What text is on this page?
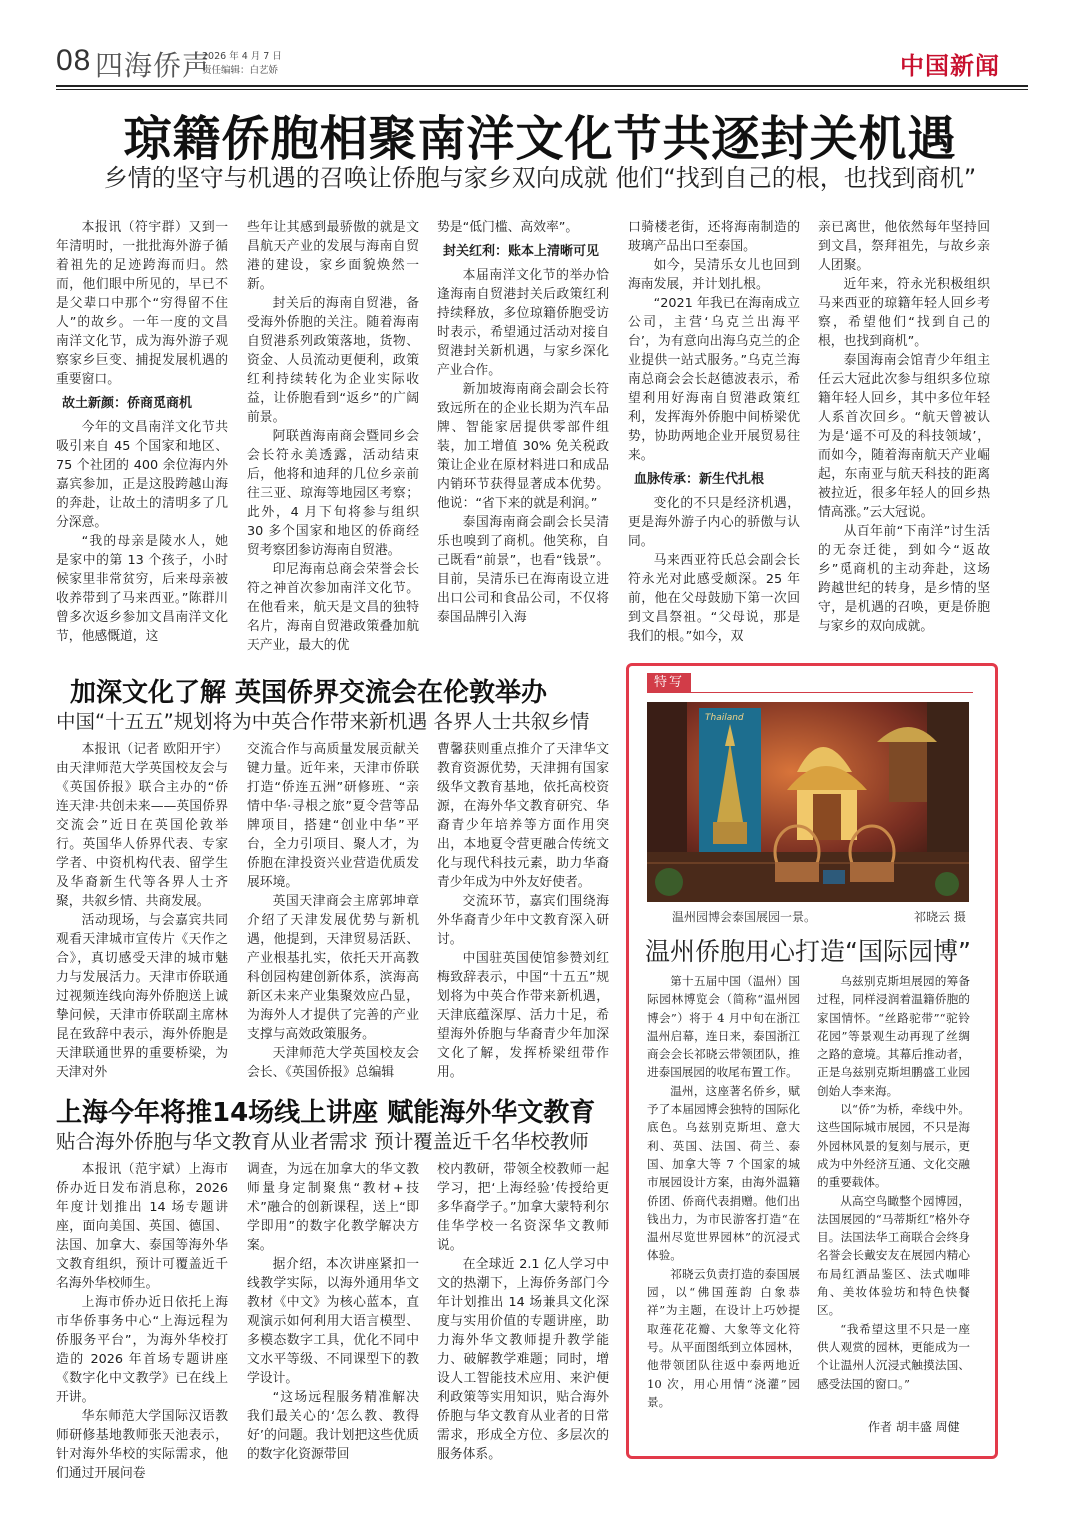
08 四海侨声
2026 年 4 月 7 日
责任编辑：白艺娇	中国新闻
琼籍侨胞相聚南洋文化节共逐封关机遇
乡情的坚守与机遇的召唤让侨胞与家乡双向成就 他们“找到自己的根，也找到商机”

本报讯（符宇群）又到一年清明时，一批批海外游子循着祖先的足迹跨海而归。然而，他们眼中所见的，早已不是父辈口中那个“穷得留不住人”的故乡。一年一度的文昌南洋文化节，成为海外游子观察家乡巨变、捕捉发展机遇的重要窗口。

故土新颜：侨商觅商机

今年的文昌南洋文化节共吸引来自 45 个国家和地区、75 个社团的 400 余位海内外嘉宾参加，正是这股跨越山海的奔赴，让故土的清明多了几分深意。

“我的母亲是陵水人，她是家中的第 13 个孩子，小时候家里非常贫穷，后来母亲被收养带到了马来西亚。”陈群川曾多次返乡参加文昌南洋文化节，他感慨道，这

些年让其感到最骄傲的就是文昌航天产业的发展与海南自贸港的建设，家乡面貌焕然一新。

封关后的海南自贸港，备受海外侨胞的关注。随着海南自贸港系列政策落地，货物、资金、人员流动更便利，政策红利持续转化为企业实际收益，让侨胞看到“返乡”的广阔前景。

阿联酋海南商会暨同乡会会长符永美透露，活动结束后，他将和迪拜的几位乡亲前往三亚、琼海等地园区考察；此外，4 月下旬将参与组织 30 多个国家和地区的侨商经贸考察团参访海南自贸港。

印尼海南总商会荣誉会长符之神首次参加南洋文化节。在他看来，航天是文昌的独特名片，海南自贸港政策叠加航天产业，最大的优

势是“低门槛、高效率”。

封关红利：账本上清晰可见

本届南洋文化节的举办恰逢海南自贸港封关后政策红利持续释放，多位琼籍侨胞受访时表示，希望通过活动对接自贸港封关新机遇，与家乡深化产业合作。

新加坡海南商会副会长符致远所在的企业长期为汽车品牌、智能家居提供零部件组装，加工增值 30% 免关税政策让企业在原材料进口和成品内销环节获得显著成本优势。他说：“省下来的就是利润。”

泰国海南商会副会长吴清乐也嗅到了商机。他笑称，自己既看“前景”，也看“钱景”。目前，吴清乐已在海南设立进出口公司和食品公司，不仅将泰国品牌引入海

口骑楼老街，还将海南制造的玻璃产品出口至泰国。

如今，吴清乐女儿也回到海南发展，并计划扎根。

“2021 年我已在海南成立公司，主营‘乌克兰出海平台’，为有意向出海乌克兰的企业提供一站式服务。”乌克兰海南总商会会长赵德波表示，希望利用好海南自贸港政策红利，发挥海外侨胞中间桥梁优势，协助两地企业开展贸易往来。

血脉传承：新生代扎根

变化的不只是经济机遇，更是海外游子内心的骄傲与认同。

马来西亚符氏总会副会长符永光对此感受颇深。25 年前，他在父母鼓励下第一次回到文昌祭祖。“父母说，那是我们的根。”如今，双

亲已离世，他依然每年坚持回到文昌，祭拜祖先，与故乡亲人团聚。

近年来，符永光积极组织马来西亚的琼籍年轻人回乡考察，希望他们“找到自己的根，也找到商机”。

泰国海南会馆青少年组主任云大冠此次参与组织多位琼籍年轻人回乡，其中多位年轻人系首次回乡。“航天曾被认为是‘遥不可及的科技领域’，而如今，随着海南航天产业崛起，东南亚与航天科技的距离被拉近，很多年轻人的回乡热情高涨。”云大冠说。

从百年前“下南洋”讨生活的无奈迁徙，到如今“返故乡”觅商机的主动奔赴，这场跨越世纪的转身，是乡情的坚守，是机遇的召唤，更是侨胞与家乡的双向成就。

加深文化了解 英国侨界交流会在伦敦举办
中国“十五五”规划将为中英合作带来新机遇 各界人士共叙乡情

本报讯（记者 欧阳开宇）由天津师范大学英国校友会与《英国侨报》联合主办的“侨连天津·共创未来——英国侨界交流会”近日在英国伦敦举行。英国华人侨界代表、专家学者、中资机构代表、留学生及华裔新生代等各界人士齐聚，共叙乡情、共商发展。

活动现场，与会嘉宾共同观看天津城市宣传片《天作之合》，真切感受天津的城市魅力与发展活力。天津市侨联通过视频连线向海外侨胞送上诚挚问候，天津市侨联副主席林昆在致辞中表示，海外侨胞是天津联通世界的重要桥梁，为天津对外

交流合作与高质量发展贡献关键力量。近年来，天津市侨联打造“侨连五洲”研修班、“亲情中华·寻根之旅”夏令营等品牌项目，搭建“创业中华”平台，全力引项目、聚人才，为侨胞在津投资兴业营造优质发展环境。

英国天津商会主席郭坤章介绍了天津发展优势与新机遇，他提到，天津贸易活跃、产业根基扎实，依托天开高教科创园构建创新体系，滨海高新区未来产业集聚效应凸显，为海外人才提供了完善的产业支撑与高效政策服务。

天津师范大学英国校友会会长、《英国侨报》总编辑

曹馨获则重点推介了天津华文教育资源优势，天津拥有国家级华文教育基地，依托高校资源，在海外华文教育研究、华裔青少年培养等方面作用突出，本地夏令营更融合传统文化与现代科技元素，助力华裔青少年成为中外友好使者。

交流环节，嘉宾们围绕海外华裔青少年中文教育深入研讨。

中国驻英国使馆参赞刘红梅致辞表示，中国“十五五”规划将为中英合作带来新机遇，天津底蕴深厚、活力十足，希望海外侨胞与华裔青少年加深文化了解，发挥桥梁纽带作用。

上海今年将推14场线上讲座 赋能海外华文教育
贴合海外侨胞与华文教育从业者需求 预计覆盖近千名华校教师

本报讯（范宇斌）上海市侨办近日发布消息称，2026 年度计划推出 14 场专题讲座，面向美国、英国、德国、法国、加拿大、泰国等海外华文教育组织，预计可覆盖近千名海外华校师生。

上海市侨办近日依托上海市华侨事务中心“上海远程为侨服务平台”，为海外华校打造的 2026 年首场专题讲座《数字化中文教学》已在线上开讲。

华东师范大学国际汉语教师研修基地教师张天池表示，针对海外华校的实际需求，他们通过开展问卷

调查，为远在加拿大的华文教师量身定制聚焦“教材+技术”融合的创新课程，送上“即学即用”的数字化教学解决方案。

据介绍，本次讲座紧扣一线教学实际，以海外通用华文教材《中文》为核心蓝本，直观演示如何利用大语言模型、多模态数字工具，优化不同中文水平等级、不同课型下的教学设计。

“这场远程服务精准解决我们最关心的‘怎么教、教得好’的问题。我计划把这些优质的数字化资源带回

校内教研，带领全校教师一起学习，把‘上海经验’传授给更多华裔学子。”加拿大蒙特利尔佳华学校一名资深华文教师说。

在全球近 2.1 亿人学习中文的热潮下，上海侨务部门今年计划推出 14 场兼具文化深度与实用价值的专题讲座，助力海外华文教师提升教学能力、破解教学难题；同时，增设人工智能技术应用、来沪便利政策等实用知识，贴合海外侨胞与华文教育从业者的日常需求，形成全方位、多层次的服务体系。

特写
Thailand
温州园博会泰国展园一景。	祁晓云 摄
温州侨胞用心打造“国际园博”

第十五届中国（温州）国际园林博览会（简称“温州园博会”）将于 4 月中旬在浙江温州启幕，连日来，泰国浙江商会会长祁晓云带领团队，推进泰国展园的收尾布置工作。

温州，这座著名侨乡，赋予了本届园博会独特的国际化底色。乌兹别克斯坦、意大利、英国、法国、荷兰、泰国、加拿大等 7 个国家的城市展园设计方案，由海外温籍侨团、侨商代表捐赠。他们出钱出力，为市民游客打造“在温州尽览世界园林”的沉浸式体验。

祁晓云负责打造的泰国展园，以“佛国莲韵 白象恭祥”为主题，在设计上巧妙提取莲花花瓣、大象等文化符号。从平面图纸到立体园林，他带领团队往返中泰两地近 10 次，用心用情“浇灌”园景。

乌兹别克斯坦展园的筹备过程，同样浸润着温籍侨胞的家国情怀。“丝路驼带”“驼铃花园”等景观生动再现了丝绸之路的意境。其幕后推动者，正是乌兹别克斯坦鹏盛工业园创始人李来海。

以“侨”为桥，牵线中外。这些国际城市展园，不只是海外园林风景的复刻与展示，更成为中外经济互通、文化交融的重要载体。

从高空鸟瞰整个园博园，法国展园的“马蒂斯红”格外夺目。法国法华工商联合会终身名誉会长戴安友在展园内精心布局红酒品鉴区、法式咖啡角、美妆体验坊和特色快餐区。

“我希望这里不只是一座供人观赏的园林，更能成为一个让温州人沉浸式触摸法国、感受法国的窗口。”

作者 胡丰盛 周健
